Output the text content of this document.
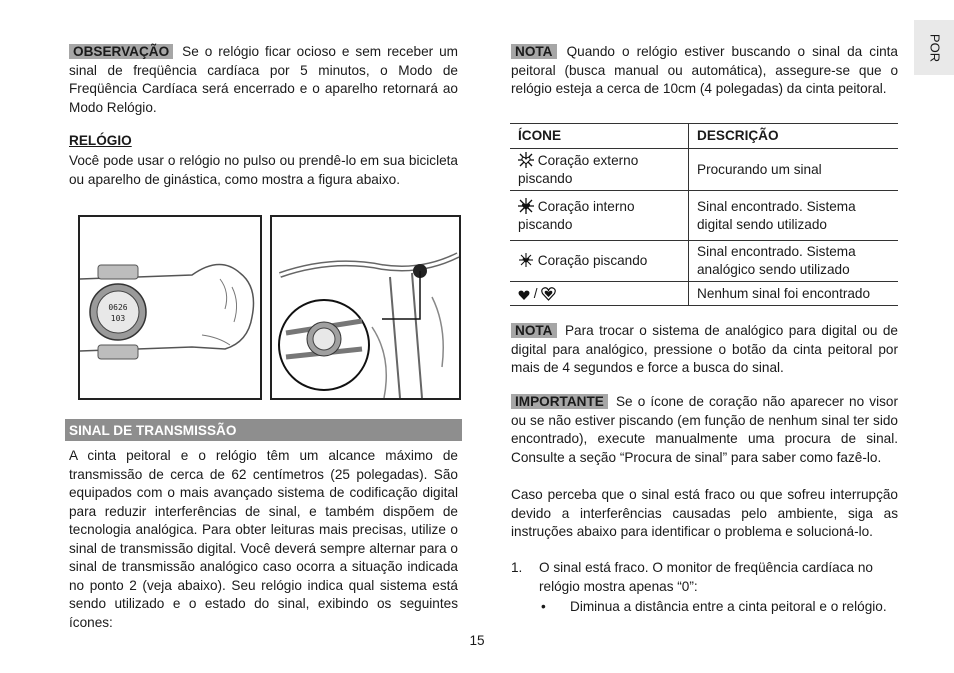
POR
OBSERVAÇÃO Se o relógio ficar ocioso e sem receber um sinal de freqüência cardíaca por 5 minutos, o Modo de Freqüência Cardíaca será encerrado e o aparelho retornará ao Modo Relógio.
RELÓGIO
Você pode usar o relógio no pulso ou prendê-lo em sua bicicleta ou aparelho de ginástica, como mostra a figura abaixo.
0626
103
SINAL DE TRANSMISSÃO
A cinta peitoral e o relógio têm um alcance máximo de transmissão de cerca de 62 centímetros (25 polegadas). São equipados com o mais avançado sistema de codificação digital para reduzir interferências de sinal, e também dispõem de tecnologia analógica. Para obter leituras mais precisas, utilize o sinal de transmissão digital. Você deverá sempre alternar para o sinal de transmissão analógico caso ocorra a situação indicada no ponto 2 (veja abaixo). Seu relógio indica qual sistema está sendo utilizado e o estado do sinal, exibindo os seguintes ícones:
NOTA Quando o relógio estiver buscando o sinal da cinta peitoral (busca manual ou automática), assegure-se que o relógio esteja a cerca de 10cm (4 polegadas) da cinta peitoral.
ÍCONE	DESCRIÇÃO
Coração externo piscando	Procurando um sinal
Coração interno piscando	Sinal encontrado. Sistema digital sendo utilizado
Coração piscando	Sinal encontrado. Sistema analógico sendo utilizado
/	Nenhum sinal foi encontrado
NOTA Para trocar o sistema de analógico para digital ou de digital para analógico, pressione o botão da cinta peitoral por mais de 4 segundos e force a busca do sinal.
IMPORTANTE Se o ícone de coração não aparecer no visor ou se não estiver piscando (em função de nenhum sinal ter sido encontrado), execute manualmente uma procura de sinal. Consulte a seção “Procura de sinal” para saber como fazê-lo.
Caso perceba que o sinal está fraco ou que sofreu interrupção devido a interferências causadas pelo ambiente, siga as instruções abaixo para identificar o problema e solucioná-lo.
1. O sinal está fraco. O monitor de freqüência cardíaca no relógio mostra apenas “0”:
• Diminua a distância entre a cinta peitoral e o relógio.
15
